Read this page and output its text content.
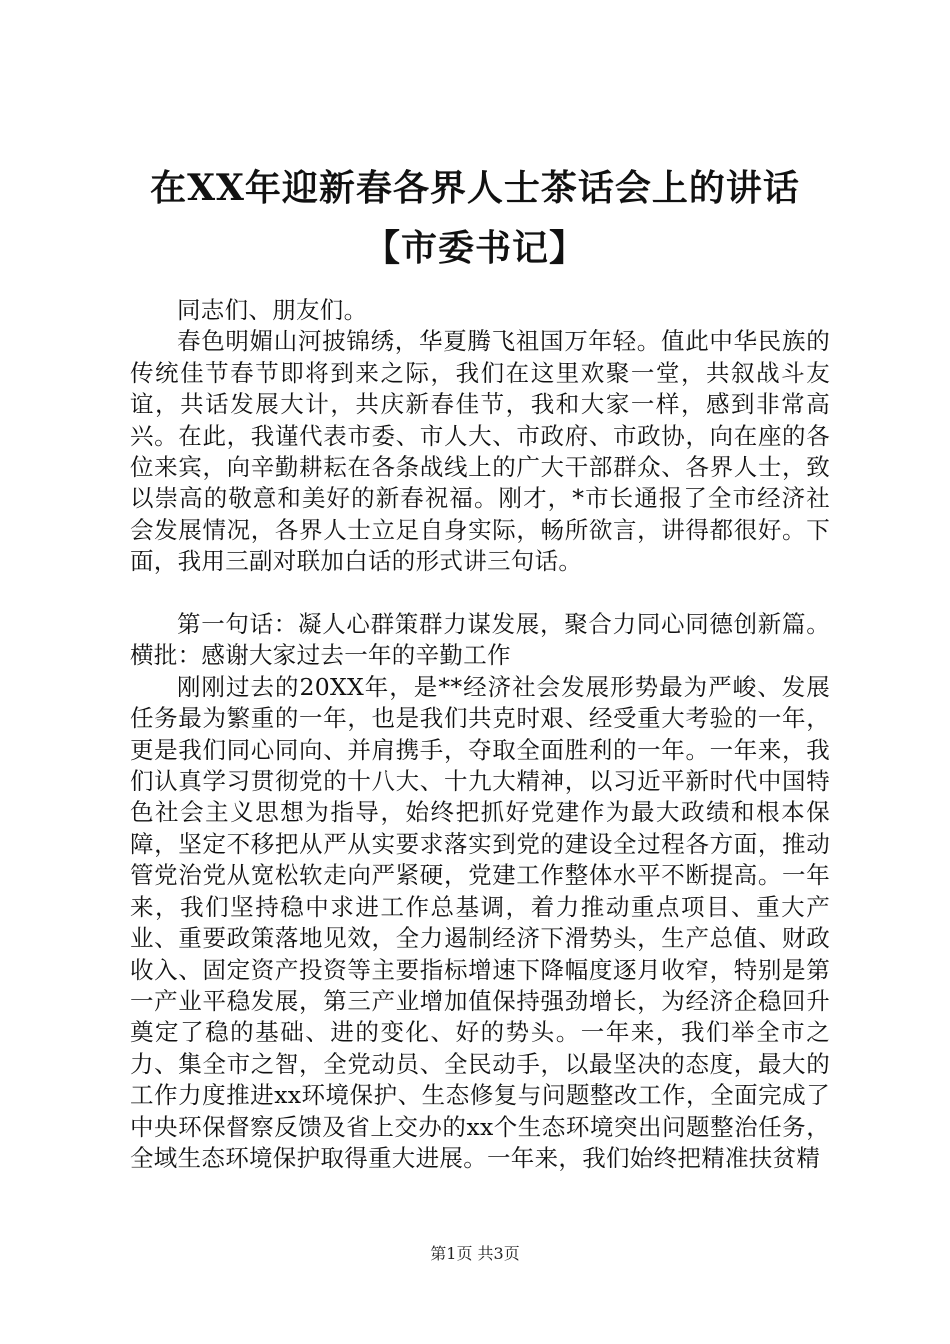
在XX年迎新春各界人士茶话会上的讲话【市委书记】

同志们、朋友们。

春色明媚山河披锦绣，华夏腾飞祖国万年轻。值此中华民族的传统佳节春节即将到来之际，我们在这里欢聚一堂，共叙战斗友谊，共话发展大计，共庆新春佳节，我和大家一样，感到非常高兴。在此，我谨代表市委、市人大、市政府、市政协，向在座的各位来宾，向辛勤耕耘在各条战线上的广大干部群众、各界人士，致以崇高的敬意和美好的新春祝福。刚才，*市长通报了全市经济社会发展情况，各界人士立足自身实际，畅所欲言，讲得都很好。下面，我用三副对联加白话的形式讲三句话。

第一句话：凝人心群策群力谋发展，聚合力同心同德创新篇。横批：感谢大家过去一年的辛勤工作

刚刚过去的20XX年，是**经济社会发展形势最为严峻、发展任务最为繁重的一年，也是我们共克时艰、经受重大考验的一年，更是我们同心同向、并肩携手，夺取全面胜利的一年。一年来，我们认真学习贯彻党的十八大、十九大精神，以习近平新时代中国特色社会主义思想为指导，始终把抓好党建作为最大政绩和根本保障，坚定不移把从严从实要求落实到党的建设全过程各方面，推动管党治党从宽松软走向严紧硬，党建工作整体水平不断提高。一年来，我们坚持稳中求进工作总基调，着力推动重点项目、重大产业、重要政策落地见效，全力遏制经济下滑势头，生产总值、财政收入、固定资产投资等主要指标增速下降幅度逐月收窄，特别是第一产业平稳发展，第三产业增加值保持强劲增长，为经济企稳回升奠定了稳的基础、进的变化、好的势头。一年来，我们举全市之力、集全市之智，全党动员、全民动手，以最坚决的态度，最大的工作力度推进xx环境保护、生态修复与问题整改工作，全面完成了中央环保督察反馈及省上交办的xx个生态环境突出问题整治任务，全域生态环境保护取得重大进展。一年来，我们始终把精准扶贫精

第1页 共3页
